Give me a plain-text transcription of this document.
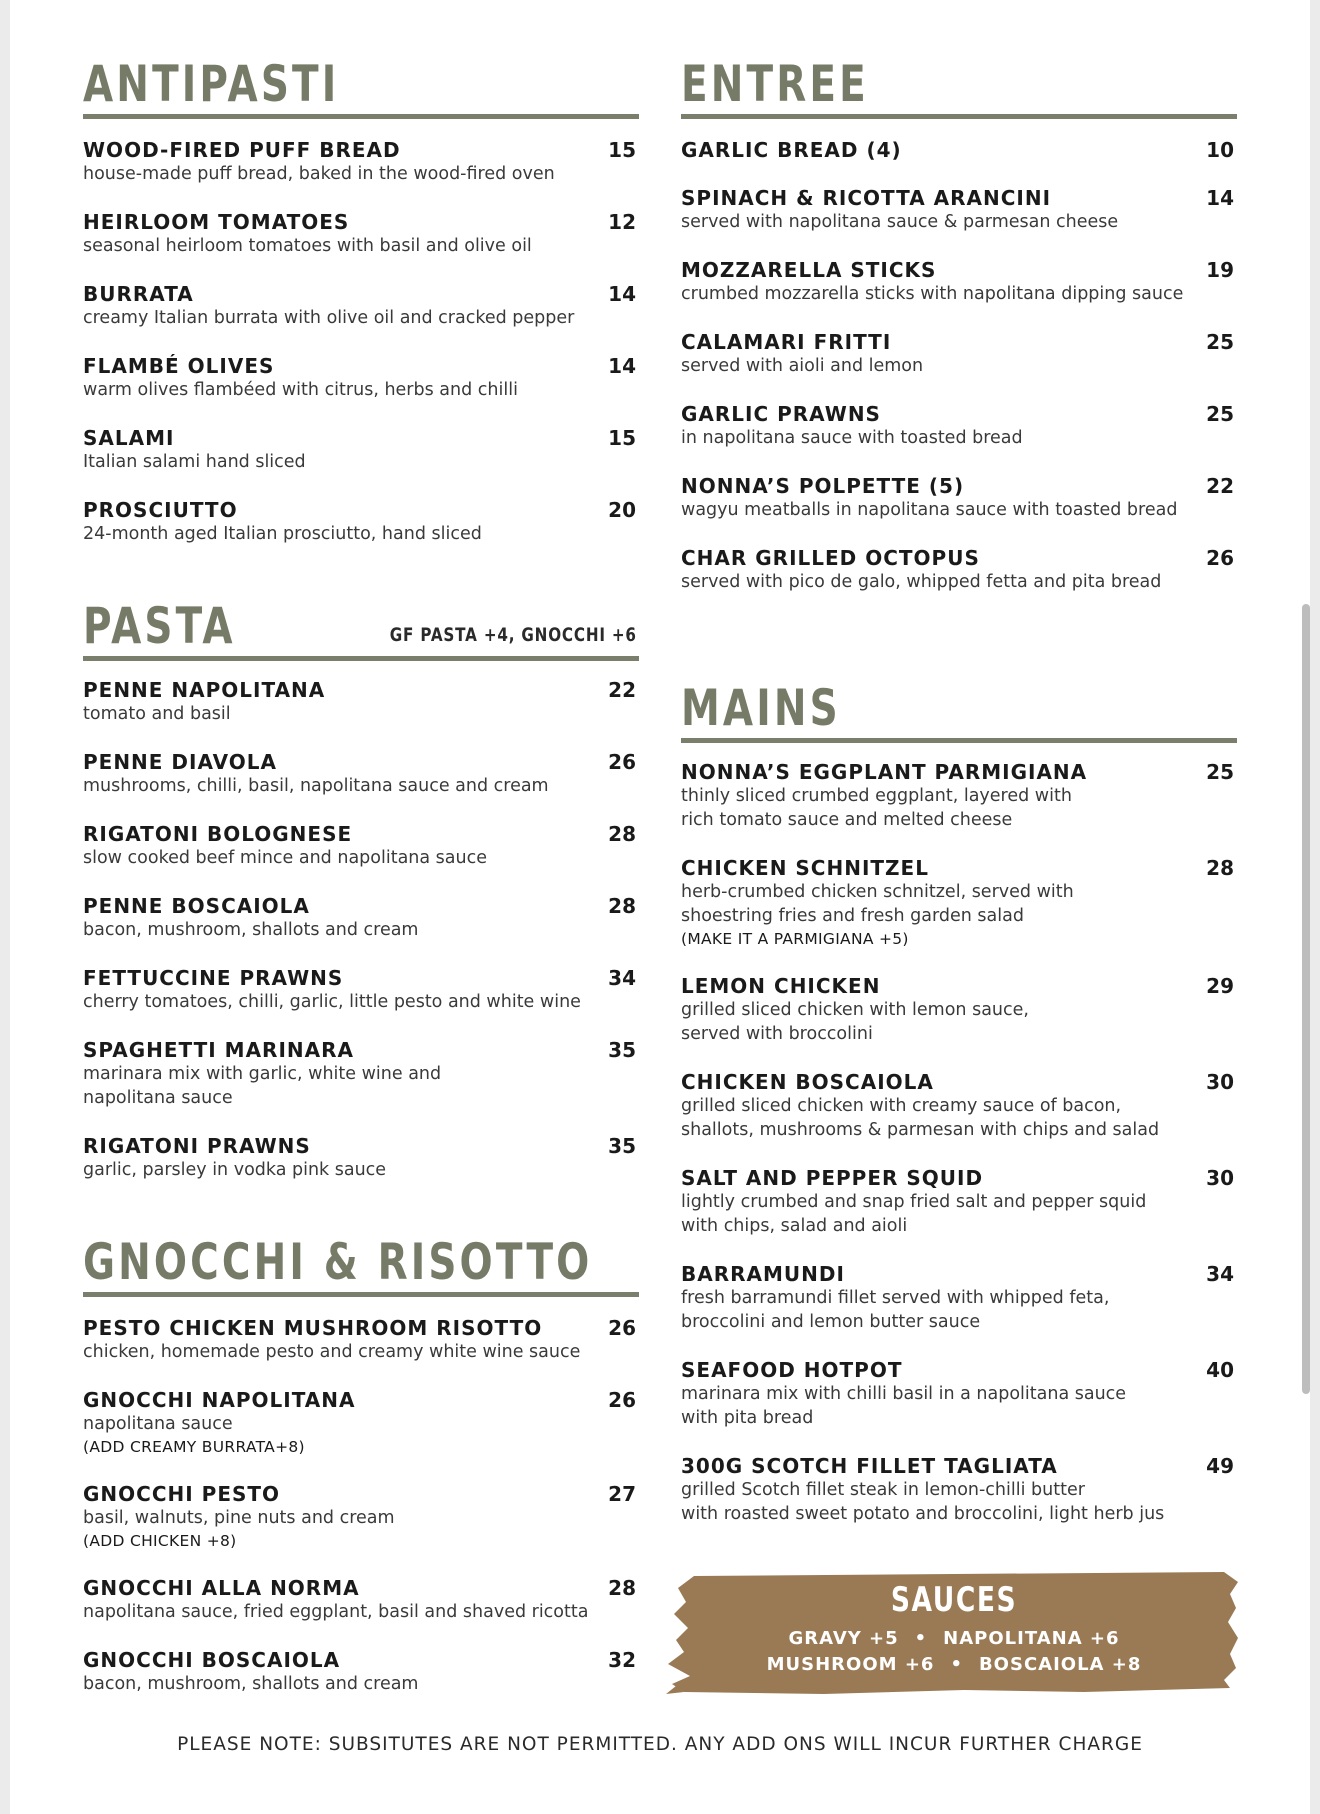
ANTIPASTI
WOOD-FIRED PUFF BREAD	15
house-made puff bread, baked in the wood-fired oven
HEIRLOOM TOMATOES	12
seasonal heirloom tomatoes with basil and olive oil
BURRATA	14
creamy Italian burrata with olive oil and cracked pepper
FLAMBÉ OLIVES	14
warm olives flambéed with citrus, herbs and chilli
SALAMI	15
Italian salami hand sliced
PROSCIUTTO	20
24-month aged Italian prosciutto, hand sliced
PASTA	GF PASTA +4, GNOCCHI +6
PENNE NAPOLITANA	22
tomato and basil
PENNE DIAVOLA	26
mushrooms, chilli, basil, napolitana sauce and cream
RIGATONI BOLOGNESE	28
slow cooked beef mince and napolitana sauce
PENNE BOSCAIOLA	28
bacon, mushroom, shallots and cream
FETTUCCINE PRAWNS	34
cherry tomatoes, chilli, garlic, little pesto and white wine
SPAGHETTI MARINARA	35
marinara mix with garlic, white wine and
napolitana sauce
RIGATONI PRAWNS	35
garlic, parsley in vodka pink sauce
GNOCCHI & RISOTTO
PESTO CHICKEN MUSHROOM RISOTTO	26
chicken, homemade pesto and creamy white wine sauce
GNOCCHI NAPOLITANA	26
napolitana sauce
(ADD CREAMY BURRATA+8)
GNOCCHI PESTO	27
basil, walnuts, pine nuts and cream
(ADD CHICKEN +8)
GNOCCHI ALLA NORMA	28
napolitana sauce, fried eggplant, basil and shaved ricotta
GNOCCHI BOSCAIOLA	32
bacon, mushroom, shallots and cream
ENTREE
GARLIC BREAD (4)	10
SPINACH & RICOTTA ARANCINI	14
served with napolitana sauce & parmesan cheese
MOZZARELLA STICKS	19
crumbed mozzarella sticks with napolitana dipping sauce
CALAMARI FRITTI	25
served with aioli and lemon
GARLIC PRAWNS	25
in napolitana sauce with toasted bread
NONNA’S POLPETTE (5)	22
wagyu meatballs in napolitana sauce with toasted bread
CHAR GRILLED OCTOPUS	26
served with pico de galo, whipped fetta and pita bread
MAINS
NONNA’S EGGPLANT PARMIGIANA	25
thinly sliced crumbed eggplant, layered with
rich tomato sauce and melted cheese
CHICKEN SCHNITZEL	28
herb-crumbed chicken schnitzel, served with
shoestring fries and fresh garden salad
(MAKE IT A PARMIGIANA +5)
LEMON CHICKEN	29
grilled sliced chicken with lemon sauce,
served with broccolini
CHICKEN BOSCAIOLA	30
grilled sliced chicken with creamy sauce of bacon,
shallots, mushrooms & parmesan with chips and salad
SALT AND PEPPER SQUID	30
lightly crumbed and snap fried salt and pepper squid
with chips, salad and aioli
BARRAMUNDI	34
fresh barramundi fillet served with whipped feta,
broccolini and lemon butter sauce
SEAFOOD HOTPOT	40
marinara mix with chilli basil in a napolitana sauce
with pita bread
300G SCOTCH FILLET TAGLIATA	49
grilled Scotch fillet steak in lemon-chilli butter
with roasted sweet potato and broccolini, light herb jus
PLEASE NOTE: SUBSITUTES ARE NOT PERMITTED. ANY ADD ONS WILL INCUR FURTHER CHARGE
SAUCES
GRAVY +5 • NAPOLITANA +6
MUSHROOM +6 • BOSCAIOLA +8
